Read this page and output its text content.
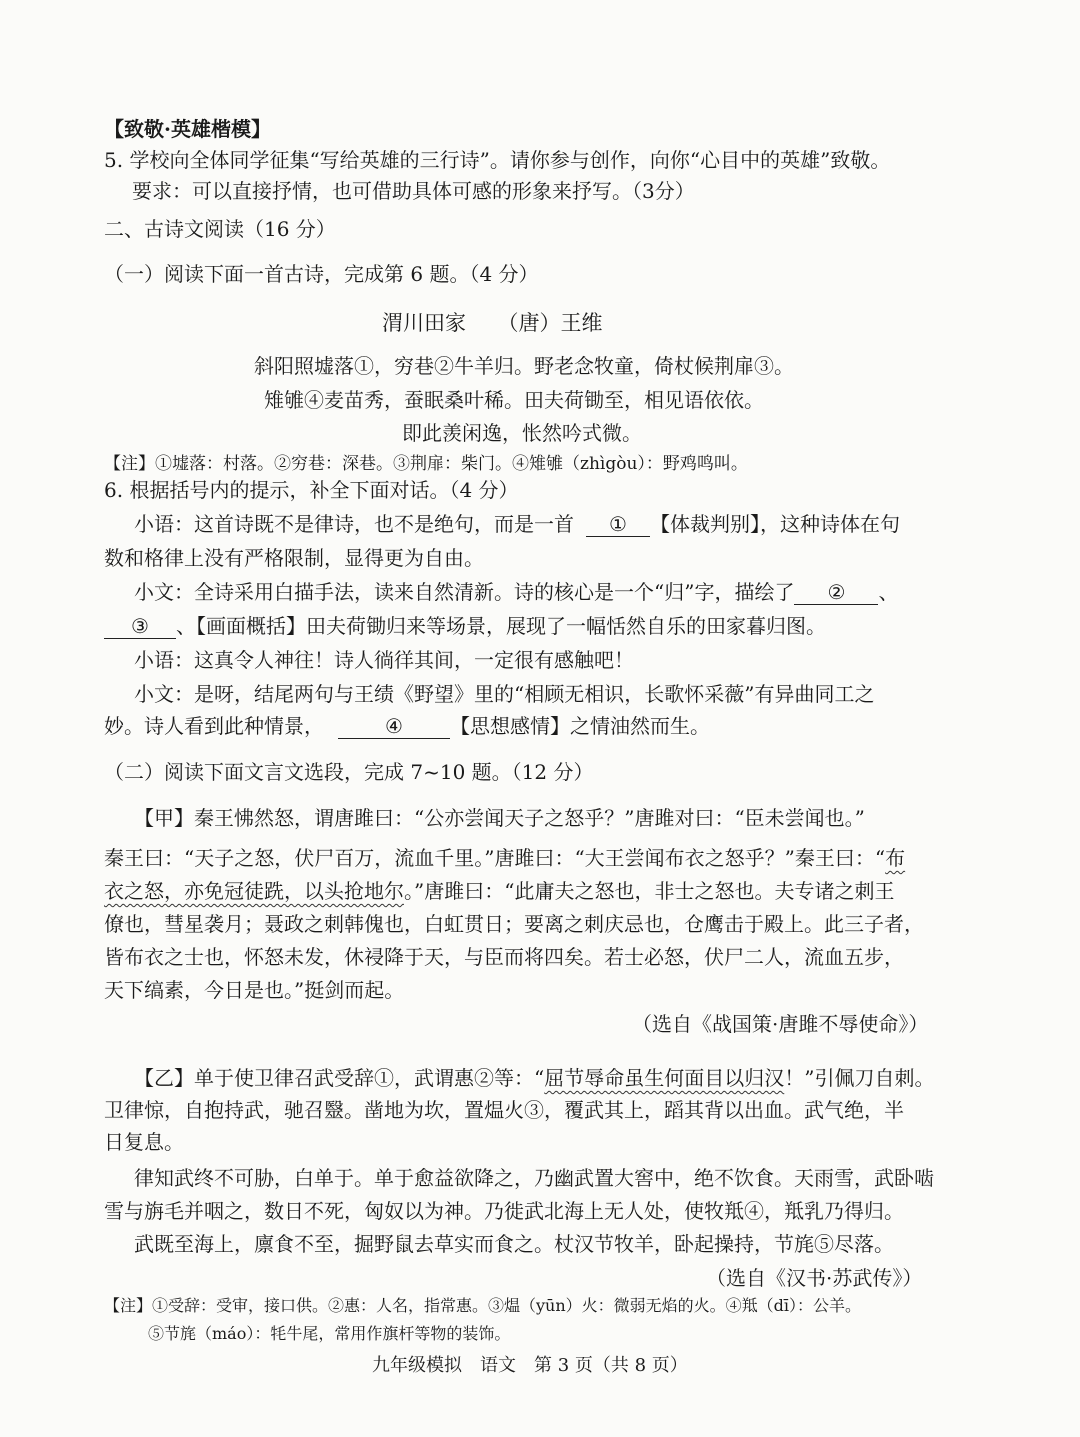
【致敬·英雄楷模】
5. 学校向全体同学征集“写给英雄的三行诗”。请你参与创作，向你“心目中的英雄”致敬。
要求：可以直接抒情，也可借助具体可感的形象来抒写。（3分）
二、古诗文阅读（16 分）
（一）阅读下面一首古诗，完成第 6 题。（4 分）
渭川田家　　（唐）王维
斜阳照墟落①，穷巷②牛羊归。野老念牧童，倚杖候荆扉③。
雉雊④麦苗秀，蚕眠桑叶稀。田夫荷锄至，相见语依依。
即此羡闲逸，怅然吟式微。
【注】①墟落：村落。②穷巷：深巷。③荆扉：柴门。④雉雊（zhìgòu）：野鸡鸣叫。
6. 根据括号内的提示，补全下面对话。（4 分）
小语：这首诗既不是律诗，也不是绝句，而是一首 ① 【体裁判别】，这种诗体在句
数和格律上没有严格限制，显得更为自由。
小文：全诗采用白描手法，读来自然清新。诗的核心是一个“归”字，描绘了 ② 、
③ 、【画面概括】田夫荷锄归来等场景，展现了一幅恬然自乐的田家暮归图。
小语：这真令人神往！诗人徜徉其间，一定很有感触吧！
小文：是呀，结尾两句与王绩《野望》里的“相顾无相识，长歌怀采薇”有异曲同工之
妙。诗人看到此种情景，	④ 【思想感情】之情油然而生。
（二）阅读下面文言文选段，完成 7~10 题。（12 分）
【甲】秦王怫然怒，谓唐雎曰：“公亦尝闻天子之怒乎？”唐雎对曰：“臣未尝闻也。”
秦王曰：“天子之怒，伏尸百万，流血千里。”唐雎曰：“大王尝闻布衣之怒乎？”秦王曰：“布
衣之怒，亦免冠徒跣，以头抢地尔。”唐雎曰：“此庸夫之怒也，非士之怒也。夫专诸之刺王
僚也，彗星袭月；聂政之刺韩傀也，白虹贯日；要离之刺庆忌也，仓鹰击于殿上。此三子者，
皆布衣之士也，怀怒未发，休祲降于天，与臣而将四矣。若士必怒，伏尸二人，流血五步，
天下缟素，今日是也。”挺剑而起。
（选自《战国策·唐雎不辱使命》）
【乙】单于使卫律召武受辞①，武谓惠②等：“屈节辱命虽生何面目以归汉！”引佩刀自刺。
卫律惊，自抱持武，驰召毉。凿地为坎，置煴火③，覆武其上，蹈其背以出血。武气绝，半
日复息。
律知武终不可胁，白单于。单于愈益欲降之，乃幽武置大窖中，绝不饮食。天雨雪，武卧啮
雪与旃毛并咽之，数日不死，匈奴以为神。乃徙武北海上无人处，使牧羝④，羝乳乃得归。
武既至海上，廪食不至，掘野鼠去草实而食之。杖汉节牧羊，卧起操持，节旄⑤尽落。
（选自《汉书·苏武传》）
【注】①受辞：受审，接口供。②惠：人名，指常惠。③煴（yūn）火：微弱无焰的火。④羝（dī）：公羊。
⑤节旄（máo）：牦牛尾，常用作旗杆等物的装饰。
九年级模拟　语文　第 3 页（共 8 页）
